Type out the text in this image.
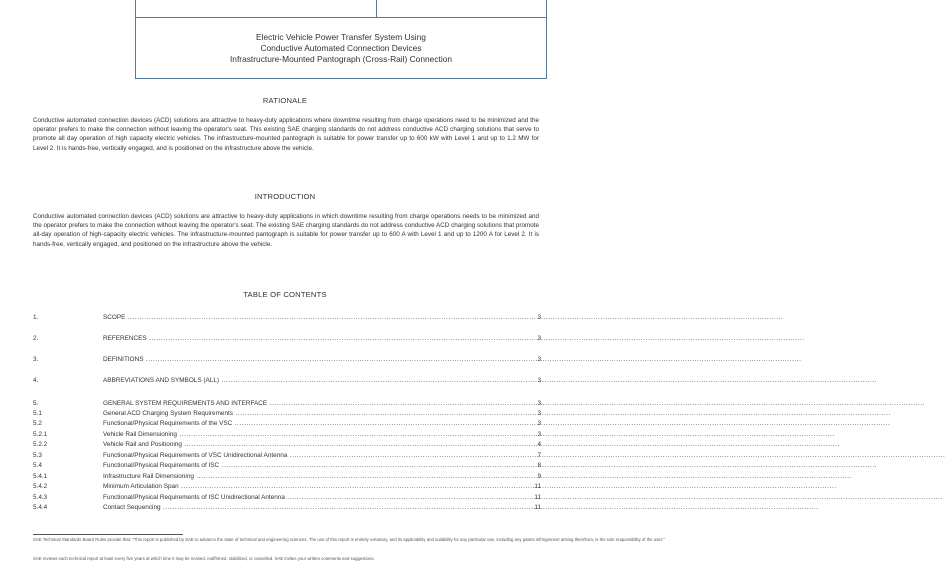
Electric Vehicle Power Transfer System Using
Conductive Automated Connection Devices
Infrastructure-Mounted Pantograph (Cross-Rail) Connection
RATIONALE
Conductive automated connection devices (ACD) solutions are attractive to heavy-duty applications where downtime resulting from charge operations need to be minimized and the operator prefers to make the connection without leaving the operator's seat. This existing SAE charging standards do not address conductive ACD charging solutions that serve to promote all day operation of high capacity electric vehicles. The infrastructure-mounted pantograph is suitable for power transfer up to 600 kW with Level 1 and up to 1.2 MW for Level 2. It is hands-free, vertically engaged, and is positioned on the infrastructure above the vehicle.
INTRODUCTION
Conductive automated connection devices (ACD) solutions are attractive to heavy-duty applications in which downtime resulting from charge operations needs to be minimized and the operator prefers to make the connection without leaving the operator's seat. The existing SAE charging standards do not address conductive ACD charging solutions that promote all-day operation of high-capacity electric vehicles. The infrastructure-mounted pantograph is suitable for power transfer up to 600 A with Level 1 and up to 1200 A for Level 2. It is hands-free, vertically engaged, and positioned on the infrastructure above the vehicle.
TABLE OF CONTENTS
1.	SCOPE .....	3
2.	REFERENCES .....	3
3.	DEFINITIONS .....	3
4.	ABBREVIATIONS AND SYMBOLS (ALL) .....	3
5.	GENERAL SYSTEM REQUIREMENTS AND INTERFACE .....	3
5.1	General ACD Charging System Requirements .....	3
5.2	Functional/Physical Requirements of the VSC .....	3
5.2.1	Vehicle Rail Dimensioning .....	3
5.2.2	Vehicle Rail and Positioning .....	4
5.3	Functional/Physical Requirements of VSC Unidirectional Antenna .....	7
5.4	Functional/Physical Requirements of ISC .....	8
5.4.1	Infrastructure Rail Dimensioning .....	9
5.4.2	Minimum Articulation Span .....	11
5.4.3	Functional/Physical Requirements of ISC Unidirectional Antenna .....	11
5.4.4	Contact Sequencing .....	11
SAE Technical Standards Board Rules provide that: "This report is published by SAE to advance the state of technical and engineering sciences. The use of this report is entirely voluntary, and its applicability and suitability for any particular use, including any patent infringement arising therefrom, is the sole responsibility of the user."
SAE reviews each technical report at least every five years at which time it may be revised, reaffirmed, stabilized, or cancelled. SAE invites your written comments and suggestions.
